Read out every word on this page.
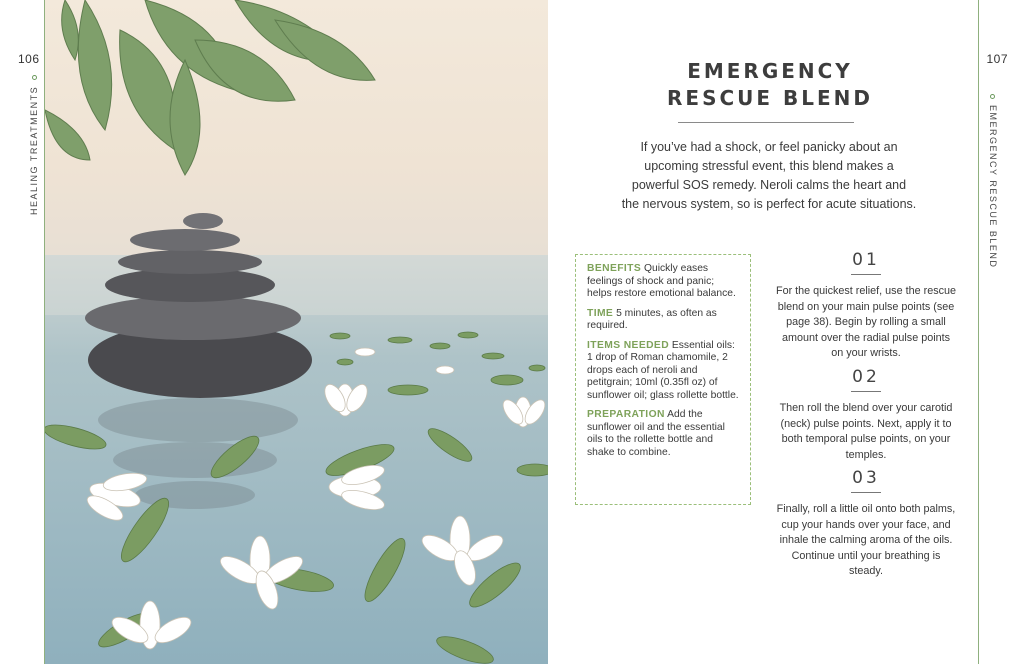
106
HEALING TREATMENTS
107
EMERGENCY RESCUE BLEND
EMERGENCY
RESCUE BLEND
If you’ve had a shock, or feel panicky about an
upcoming stressful event, this blend makes a
powerful SOS remedy. Neroli calms the heart and
the nervous system, so is perfect for acute situations.

BENEFITS Quickly eases feelings of shock and panic; helps restore emotional balance.

TIME 5 minutes, as often as required.

ITEMS NEEDED Essential oils: 1 drop of Roman chamomile, 2 drops each of neroli and petitgrain; 10ml (0.35fl oz) of sunflower oil; glass rollette bottle.

PREPARATION Add the sunflower oil and the essential oils to the rollette bottle and shake to combine.

01
For the quickest relief, use the rescue blend on your main pulse points (see page 38). Begin by rolling a small amount over the radial pulse points on your wrists.
02
Then roll the blend over your carotid (neck) pulse points. Next, apply it to both temporal pulse points, on your temples.
03
Finally, roll a little oil onto both palms, cup your hands over your face, and inhale the calming aroma of the oils. Continue until your breathing is steady.
